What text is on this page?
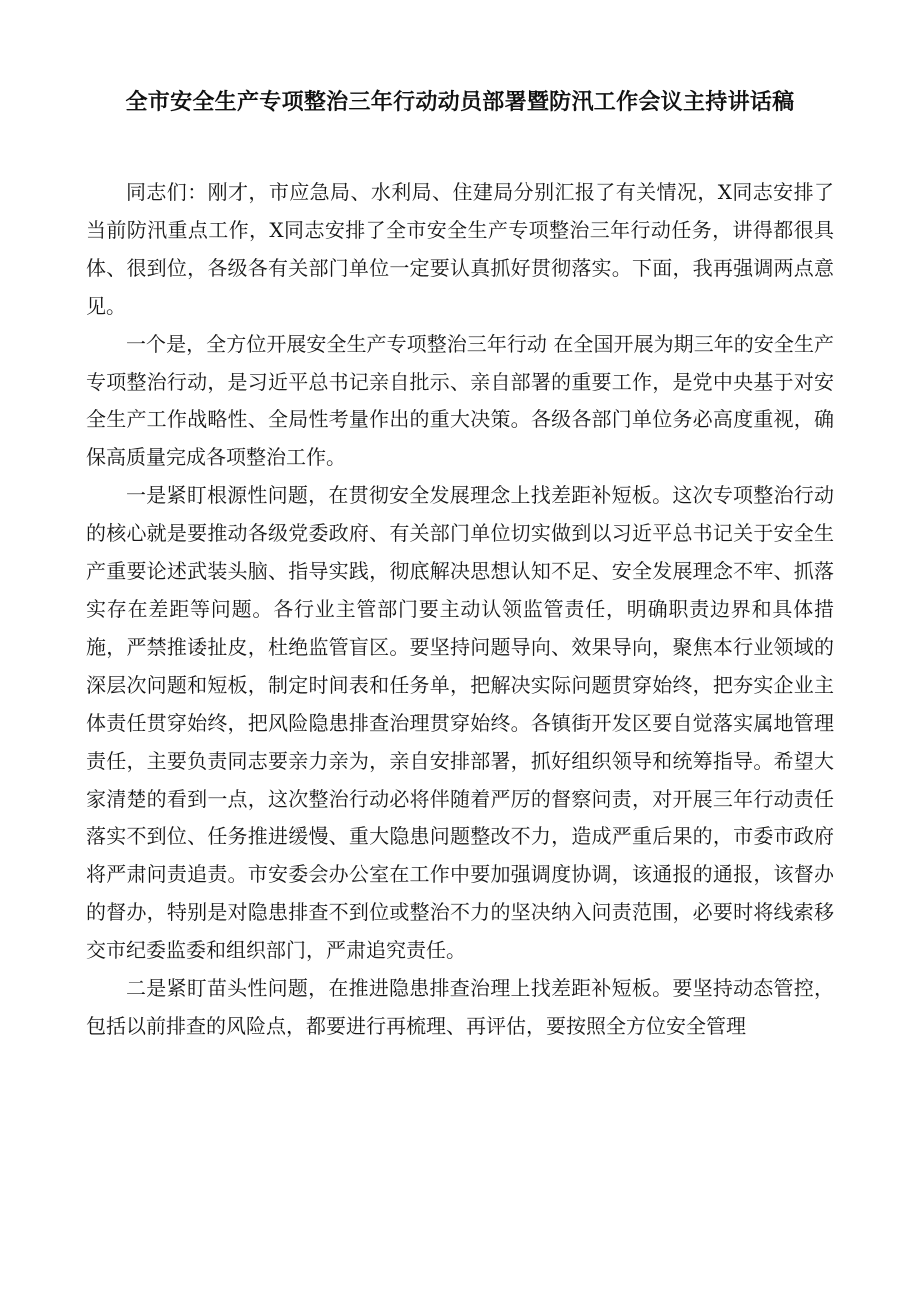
全市安全生产专项整治三年行动动员部署暨防汛工作会议主持讲话稿

同志们：刚才，市应急局、水利局、住建局分别汇报了有关情况，X同志安排了当前防汛重点工作，X同志安排了全市安全生产专项整治三年行动任务，讲得都很具体、很到位，各级各有关部门单位一定要认真抓好贯彻落实。下面，我再强调两点意见。

一个是，全方位开展安全生产专项整治三年行动 在全国开展为期三年的安全生产专项整治行动，是习近平总书记亲自批示、亲自部署的重要工作，是党中央基于对安全生产工作战略性、全局性考量作出的重大决策。各级各部门单位务必高度重视，确保高质量完成各项整治工作。

一是紧盯根源性问题，在贯彻安全发展理念上找差距补短板。这次专项整治行动的核心就是要推动各级党委政府、有关部门单位切实做到以习近平总书记关于安全生产重要论述武装头脑、指导实践，彻底解决思想认知不足、安全发展理念不牢、抓落实存在差距等问题。各行业主管部门要主动认领监管责任，明确职责边界和具体措施，严禁推诿扯皮，杜绝监管盲区。要坚持问题导向、效果导向，聚焦本行业领域的深层次问题和短板，制定时间表和任务单，把解决实际问题贯穿始终，把夯实企业主体责任贯穿始终，把风险隐患排查治理贯穿始终。各镇街开发区要自觉落实属地管理责任，主要负责同志要亲力亲为，亲自安排部署，抓好组织领导和统筹指导。希望大家清楚的看到一点，这次整治行动必将伴随着严厉的督察问责，对开展三年行动责任落实不到位、任务推进缓慢、重大隐患问题整改不力，造成严重后果的，市委市政府将严肃问责追责。市安委会办公室在工作中要加强调度协调，该通报的通报，该督办的督办，特别是对隐患排查不到位或整治不力的坚决纳入问责范围，必要时将线索移交市纪委监委和组织部门，严肃追究责任。

二是紧盯苗头性问题，在推进隐患排查治理上找差距补短板。要坚持动态管控，包括以前排查的风险点，都要进行再梳理、再评估，要按照全方位安全管理
